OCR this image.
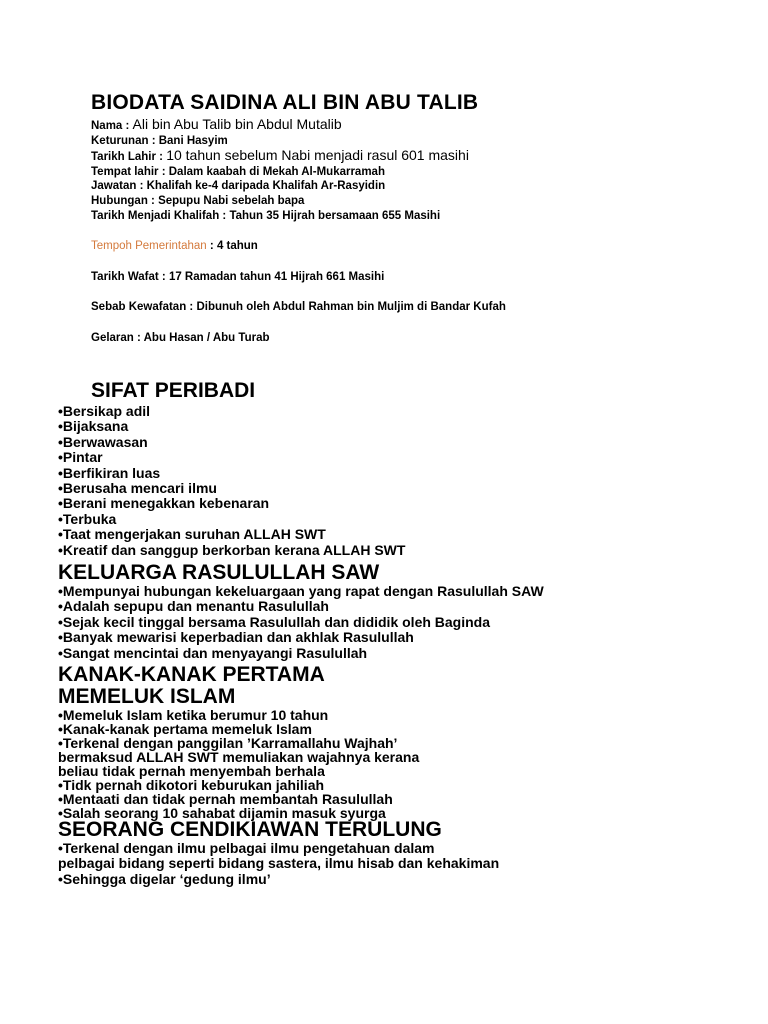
BIODATA SAIDINA ALI BIN ABU TALIB
Nama : Ali bin Abu Talib bin Abdul Mutalib
Keturunan : Bani Hasyim
Tarikh Lahir : 10 tahun sebelum Nabi menjadi rasul 601 masihi
Tempat lahir : Dalam kaabah di Mekah Al-Mukarramah
Jawatan : Khalifah ke-4 daripada Khalifah Ar-Rasyidin
Hubungan : Sepupu Nabi sebelah bapa
Tarikh Menjadi Khalifah : Tahun 35 Hijrah bersamaan 655 Masihi
Tempoh Pemerintahan : 4 tahun
Tarikh Wafat : 17 Ramadan tahun 41 Hijrah 661 Masihi
Sebab Kewafatan : Dibunuh oleh Abdul Rahman bin Muljim di Bandar Kufah
Gelaran : Abu Hasan / Abu Turab
SIFAT PERIBADI
•Bersikap adil
•Bijaksana
•Berwawasan
•Pintar
•Berfikiran luas
•Berusaha mencari ilmu
•Berani menegakkan kebenaran
•Terbuka
•Taat mengerjakan suruhan ALLAH SWT
•Kreatif dan sanggup berkorban kerana ALLAH SWT
KELUARGA RASULULLAH SAW
•Mempunyai hubungan kekeluargaan yang rapat dengan Rasulullah SAW
•Adalah sepupu dan menantu Rasulullah
•Sejak kecil tinggal bersama Rasulullah dan dididik oleh Baginda
•Banyak mewarisi keperbadian dan akhlak Rasulullah
•Sangat mencintai dan menyayangi Rasulullah
KANAK-KANAK PERTAMA
MEMELUK ISLAM
•Memeluk Islam ketika berumur 10 tahun
•Kanak-kanak pertama memeluk Islam
•Terkenal dengan panggilan ’Karramallahu Wajhah’
bermaksud ALLAH SWT memuliakan wajahnya kerana
beliau tidak pernah menyembah berhala
•Tidk pernah dikotori keburukan jahiliah
•Mentaati dan tidak pernah membantah Rasulullah
•Salah seorang 10 sahabat dijamin masuk syurga
SEORANG CENDIKIAWAN TERULUNG
•Terkenal dengan ilmu pelbagai ilmu pengetahuan dalam
pelbagai bidang seperti bidang sastera, ilmu hisab dan kehakiman
•Sehingga digelar ‘gedung ilmu’
